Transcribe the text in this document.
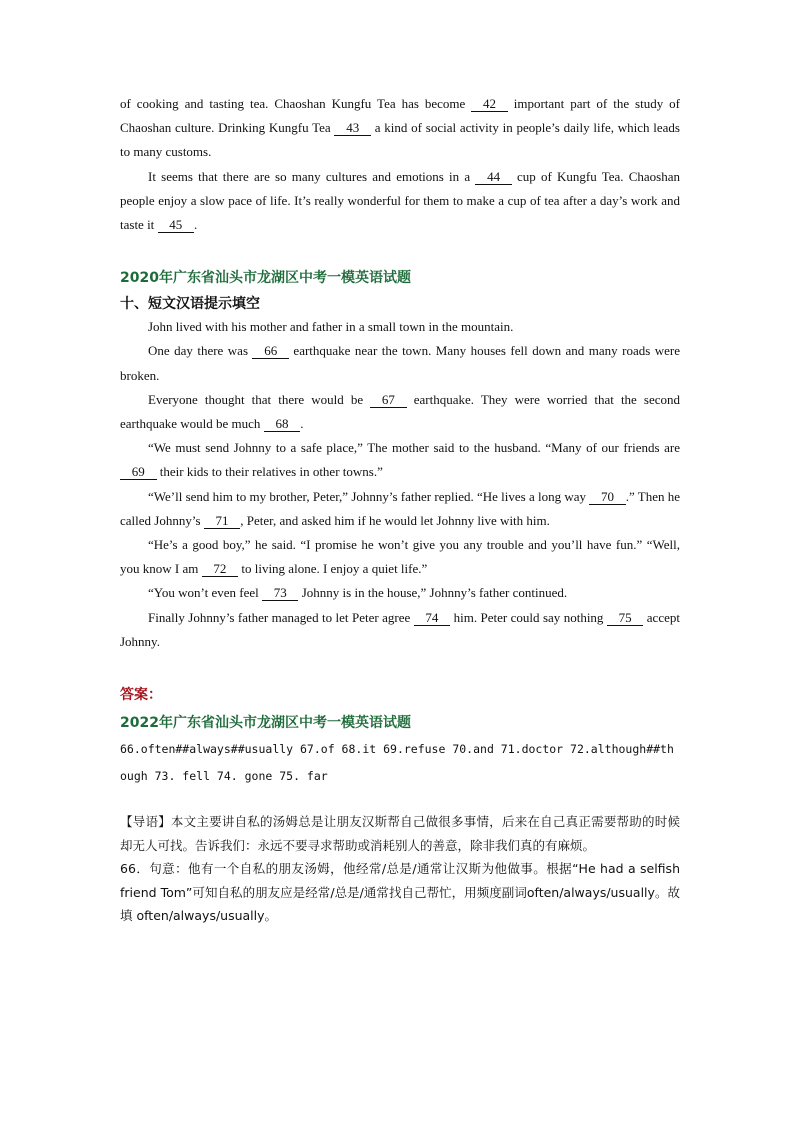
of cooking and tasting tea. Chaoshan Kungfu Tea has become    42    important part of the study of Chaoshan culture. Drinking Kungfu Tea    43    a kind of social activity in people’s daily life, which leads to many customs.

It seems that there are so many cultures and emotions in a    44    cup of Kungfu Tea. Chaoshan people enjoy a slow pace of life. It’s really wonderful for them to make a cup of tea after a day’s work and taste it    45   .

2020年广东省汕头市龙湖区中考一模英语试题

十、短文汉语提示填空

John lived with his mother and father in a small town in the mountain.

One day there was    66    earthquake near the town. Many houses fell down and many roads were broken.

Everyone thought that there would be    67    earthquake. They were worried that the second earthquake would be much    68   .

“We must send Johnny to a safe place,” The mother said to the husband. “Many of our friends are    69    their kids to their relatives in other towns.”

“We’ll send him to my brother, Peter,” Johnny’s father replied. “He lives a long way    70   .” Then he called Johnny’s    71   , Peter, and asked him if he would let Johnny live with him.

“He’s a good boy,” he said. “I promise he won’t give you any trouble and you’ll have fun.” “Well, you know I am    72    to living alone. I enjoy a quiet life.”

“You won’t even feel    73    Johnny is in the house,” Johnny’s father continued.

Finally Johnny’s father managed to let Peter agree    74    him. Peter could say nothing    75    accept Johnny.

答案：

2022年广东省汕头市龙湖区中考一模英语试题

66.often##always##usually 67.of 68.it 69.refuse 70.and 71.doctor 72.although##though 73. fell 74. gone 75. far

【导语】本文主要讲自私的汤姆总是让朋友汉斯帮自己做很多事情，后来在自己真正需要帮助的时候却无人可找。告诉我们：永远不要寻求帮助或消耗别人的善意，除非我们真的有麻烦。

66．句意：他有一个自私的朋友汤姆，他经常/总是/通常让汉斯为他做事。根据“He had a selfish friend Tom”可知自私的朋友应是经常/总是/通常找自己帮忙，用频度副词often/always/usually。故填 often/always/usually。
